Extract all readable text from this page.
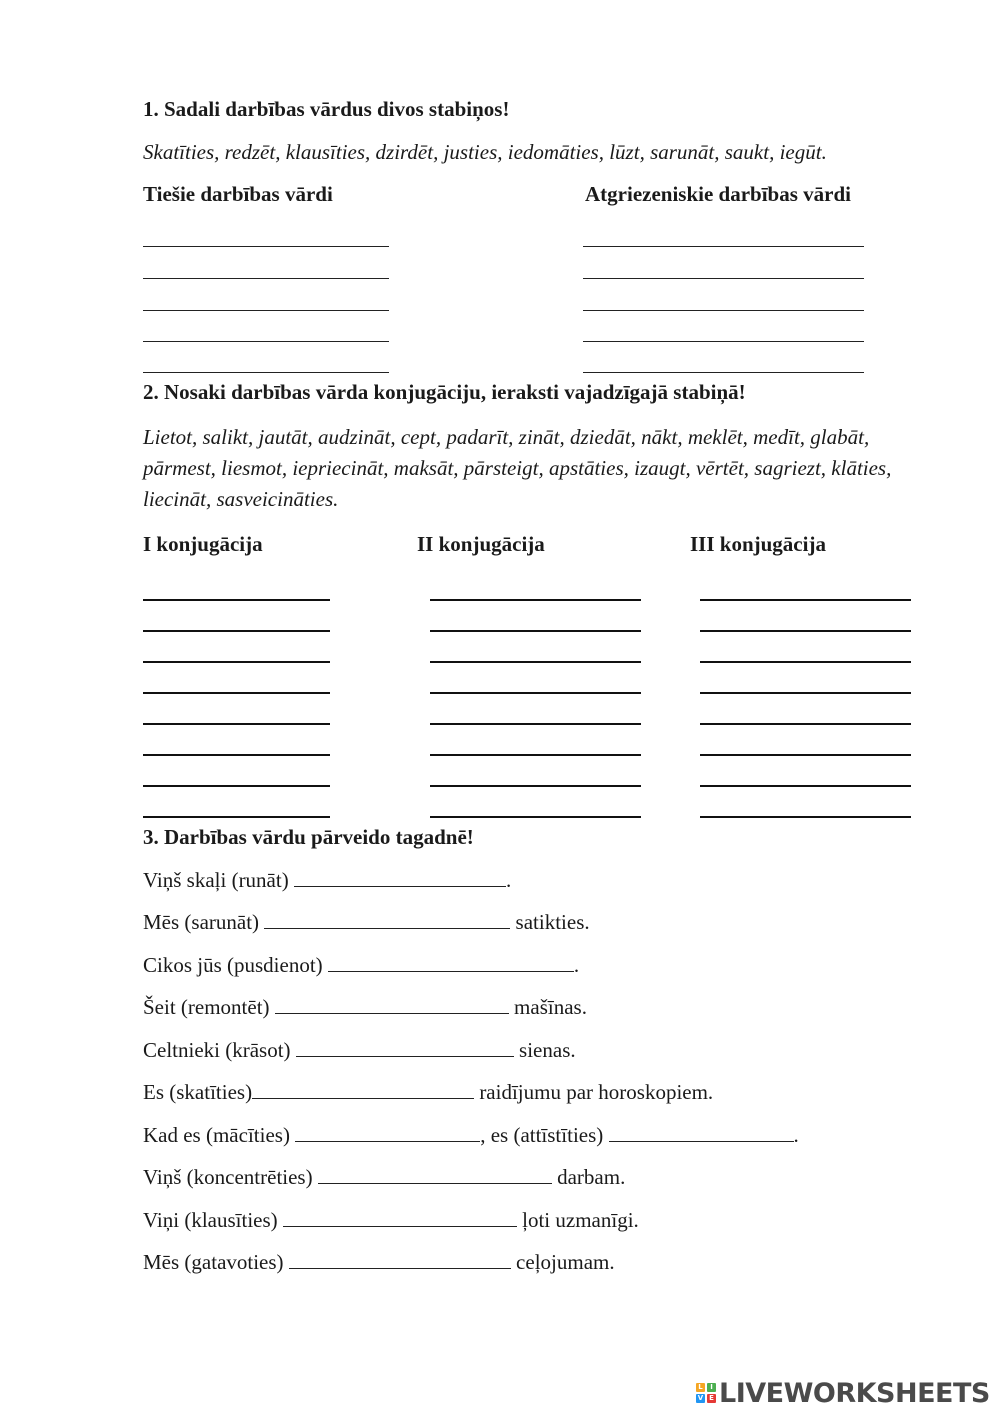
1. Sadali darbības vārdus divos stabiņos!
Skatīties, redzēt, klausīties, dzirdēt, justies, iedomāties, lūzt, sarunāt, saukt, iegūt.
Tiešie darbības vārdi	Atgriezeniskie darbības vārdi
2. Nosaki darbības vārda konjugāciju, ieraksti vajadzīgajā stabiņā!
Lietot, salikt, jautāt, audzināt, cept, padarīt, zināt, dziedāt, nākt, meklēt, medīt, glabāt, pārmest, liesmot, iepriecināt, maksāt, pārsteigt, apstāties, izaugt, vērtēt, sagriezt, klāties, liecināt, sasveicināties.
I konjugācija	II konjugācija	III konjugācija
3. Darbības vārdu pārveido tagadnē!
Viņš skaļi (runāt)	.
Mēs (sarunāt)	satikties.
Cikos jūs (pusdienot)	.
Šeit (remontēt)	mašīnas.
Celtnieki (krāsot)	sienas.
Es (skatīties)	raidījumu par horoskopiem.
Kad es (mācīties)	, es (attīstīties)	.
Viņš (koncentrēties)	darbam.
Viņi (klausīties)	ļoti uzmanīgi.
Mēs (gatavoties)	ceļojumam.
L	I
V E LIVEWORKSHEETS
